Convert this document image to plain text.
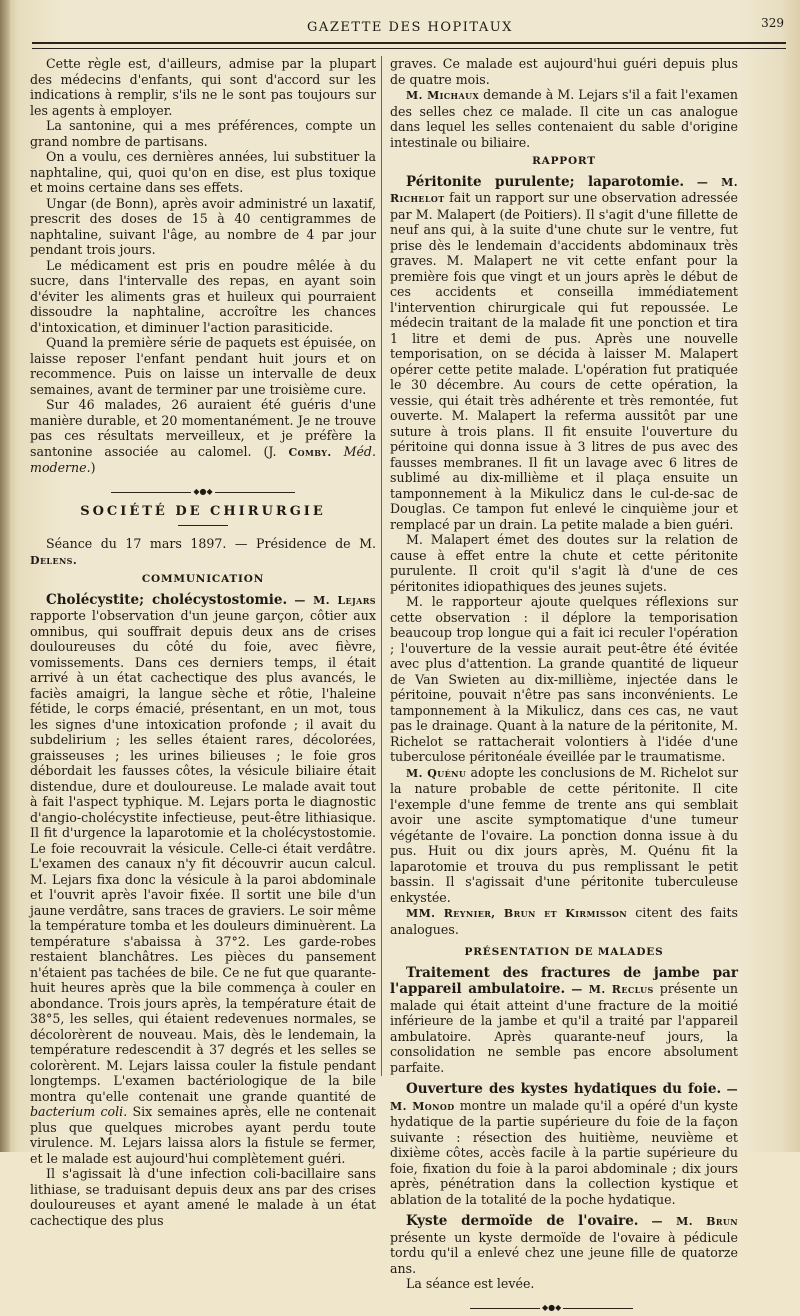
GAZETTE DES HOPITAUX	329

Cette règle est, d'ailleurs, admise par la plupart des médecins d'enfants, qui sont d'accord sur les indications à remplir, s'ils ne le sont pas toujours sur les agents à employer.

La santonine, qui a mes préférences, compte un grand nombre de partisans.

On a voulu, ces dernières années, lui substituer la naphtaline, qui, quoi qu'on en dise, est plus toxique et moins certaine dans ses effets.

Ungar (de Bonn), après avoir administré un laxatif, prescrit des doses de 15 à 40 centigrammes de naphtaline, suivant l'âge, au nombre de 4 par jour pendant trois jours.

Le médicament est pris en poudre mêlée à du sucre, dans l'intervalle des repas, en ayant soin d'éviter les aliments gras et huileux qui pourraient dissoudre la naphtaline, accroître les chances d'intoxication, et diminuer l'action parasiticide.

Quand la première série de paquets est épuisée, on laisse reposer l'enfant pendant huit jours et on recommence. Puis on laisse un intervalle de deux semaines, avant de terminer par une troisième cure.

Sur 46 malades, 26 auraient été guéris d'une manière durable, et 20 momentanément. Je ne trouve pas ces résultats merveilleux, et je préfère la santonine associée au calomel. (J. Comby. Méd. moderne.)

◆●◆
SOCIÉTÉ DE CHIRURGIE

Séance du 17 mars 1897. — Présidence de M. Delens.

COMMUNICATION

Cholécystite; cholécystostomie. — M. Lejars rapporte l'observation d'un jeune garçon, côtier aux omnibus, qui souffrait depuis deux ans de crises douloureuses du côté du foie, avec fièvre, vomissements. Dans ces derniers temps, il était arrivé à un état cachectique des plus avancés, le faciès amaigri, la langue sèche et rôtie, l'haleine fétide, le corps émacié, présentant, en un mot, tous les signes d'une intoxication profonde ; il avait du subdelirium ; les selles étaient rares, décolorées, graisseuses ; les urines bilieuses ; le foie gros débordait les fausses côtes, la vésicule biliaire était distendue, dure et douloureuse. Le malade avait tout à fait l'aspect typhique. M. Lejars porta le diagnostic d'angio-cholécystite infectieuse, peut-être lithiasique. Il fit d'urgence la laparotomie et la cholécystostomie. Le foie recouvrait la vésicule. Celle-ci était verdâtre. L'examen des canaux n'y fit découvrir aucun calcul. M. Lejars fixa donc la vésicule à la paroi abdominale et l'ouvrit après l'avoir fixée. Il sortit une bile d'un jaune verdâtre, sans traces de graviers. Le soir même la température tomba et les douleurs diminuèrent. La température s'abaissa à 37°2. Les garde-robes restaient blanchâtres. Les pièces du pansement n'étaient pas tachées de bile. Ce ne fut que quarante-huit heures après que la bile commença à couler en abondance. Trois jours après, la température était de 38°5, les selles, qui étaient redevenues normales, se décolorèrent de nouveau. Mais, dès le lendemain, la température redescendit à 37 degrés et les selles se colorèrent. M. Lejars laissa couler la fistule pendant longtemps. L'examen bactériologique de la bile montra qu'elle contenait une grande quantité de bacterium coli. Six semaines après, elle ne contenait plus que quelques microbes ayant perdu toute virulence. M. Lejars laissa alors la fistule se fermer, et le malade est aujourd'hui complètement guéri.

Il s'agissait là d'une infection coli-bacillaire sans lithiase, se traduisant depuis deux ans par des crises douloureuses et ayant amené le malade à un état cachectique des plus

graves. Ce malade est aujourd'hui guéri depuis plus de quatre mois.

M. Michaux demande à M. Lejars s'il a fait l'examen des selles chez ce malade. Il cite un cas analogue dans lequel les selles contenaient du sable d'origine intestinale ou biliaire.

RAPPORT

Péritonite purulente; laparotomie. — M. Richelot fait un rapport sur une observation adressée par M. Malapert (de Poitiers). Il s'agit d'une fillette de neuf ans qui, à la suite d'une chute sur le ventre, fut prise dès le lendemain d'accidents abdominaux très graves. M. Malapert ne vit cette enfant pour la première fois que vingt et un jours après le début de ces accidents et conseilla immédiatement l'intervention chirurgicale qui fut repoussée. Le médecin traitant de la malade fit une ponction et tira 1 litre et demi de pus. Après une nouvelle temporisation, on se décida à laisser M. Malapert opérer cette petite malade. L'opération fut pratiquée le 30 décembre. Au cours de cette opération, la vessie, qui était très adhérente et très remontée, fut ouverte. M. Malapert la referma aussitôt par une suture à trois plans. Il fit ensuite l'ouverture du péritoine qui donna issue à 3 litres de pus avec des fausses membranes. Il fit un lavage avec 6 litres de sublimé au dix-millième et il plaça ensuite un tamponnement à la Mikulicz dans le cul-de-sac de Douglas. Ce tampon fut enlevé le cinquième jour et remplacé par un drain. La petite malade a bien guéri.

M. Malapert émet des doutes sur la relation de cause à effet entre la chute et cette péritonite purulente. Il croit qu'il s'agit là d'une de ces péritonites idiopathiques des jeunes sujets.

M. le rapporteur ajoute quelques réflexions sur cette observation : il déplore la temporisation beaucoup trop longue qui a fait ici reculer l'opération ; l'ouverture de la vessie aurait peut-être été évitée avec plus d'attention. La grande quantité de liqueur de Van Swieten au dix-millième, injectée dans le péritoine, pouvait n'être pas sans inconvénients. Le tamponnement à la Mikulicz, dans ces cas, ne vaut pas le drainage. Quant à la nature de la péritonite, M. Richelot se rattacherait volontiers à l'idée d'une tuberculose péritonéale éveillée par le traumatisme.

M. Quénu adopte les conclusions de M. Richelot sur la nature probable de cette péritonite. Il cite l'exemple d'une femme de trente ans qui semblait avoir une ascite symptomatique d'une tumeur végétante de l'ovaire. La ponction donna issue à du pus. Huit ou dix jours après, M. Quénu fit la laparotomie et trouva du pus remplissant le petit bassin. Il s'agissait d'une péritonite tuberculeuse enkystée.

MM. Reynier, Brun et Kirmisson citent des faits analogues.

PRÉSENTATION DE MALADES

Traitement des fractures de jambe par l'appareil ambulatoire. — M. Reclus présente un malade qui était atteint d'une fracture de la moitié inférieure de la jambe et qu'il a traité par l'appareil ambulatoire. Après quarante-neuf jours, la consolidation ne semble pas encore absolument parfaite.

Ouverture des kystes hydatiques du foie. — M. Monod montre un malade qu'il a opéré d'un kyste hydatique de la partie supérieure du foie de la façon suivante : résection des huitième, neuvième et dixième côtes, accès facile à la partie supérieure du foie, fixation du foie à la paroi abdominale ; dix jours après, pénétration dans la collection kystique et ablation de la totalité de la poche hydatique.

Kyste dermoïde de l'ovaire. — M. Brun présente un kyste dermoïde de l'ovaire à pédicule tordu qu'il a enlevé chez une jeune fille de quatorze ans.

La séance est levée.

◆●◆
